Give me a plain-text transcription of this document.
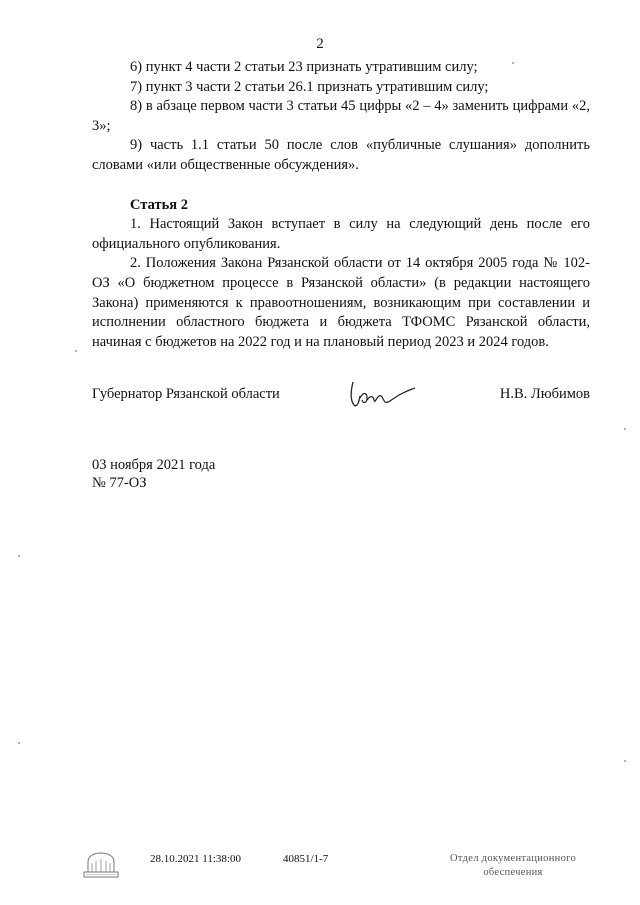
2

6) пункт 4 части 2 статьи 23 признать утратившим силу;

7) пункт 3 части 2 статьи 26.1 признать утратившим силу;

8) в абзаце первом части 3 статьи 45 цифры «2 – 4» заменить цифрами «2, 3»;

9) часть 1.1 статьи 50 после слов «публичные слушания» дополнить словами «или общественные обсуждения».

Статья 2

1. Настоящий Закон вступает в силу на следующий день после его официального опубликования.

2. Положения Закона Рязанской области от 14 октября 2005 года № 102-ОЗ «О бюджетном процессе в Рязанской области» (в редакции настоящего Закона) применяются к правоотношениям, возникающим при составлении и исполнении областного бюджета и бюджета ТФОМС Рязанской области, начиная с бюджетов на 2022 год и на плановый период 2023 и 2024 годов.

Губернатор Рязанской области	Н.В. Любимов
03 ноября 2021 года
№ 77-ОЗ
28.10.2021 11:38:00	40851/1-7	Отдел документационного
обеспечения
